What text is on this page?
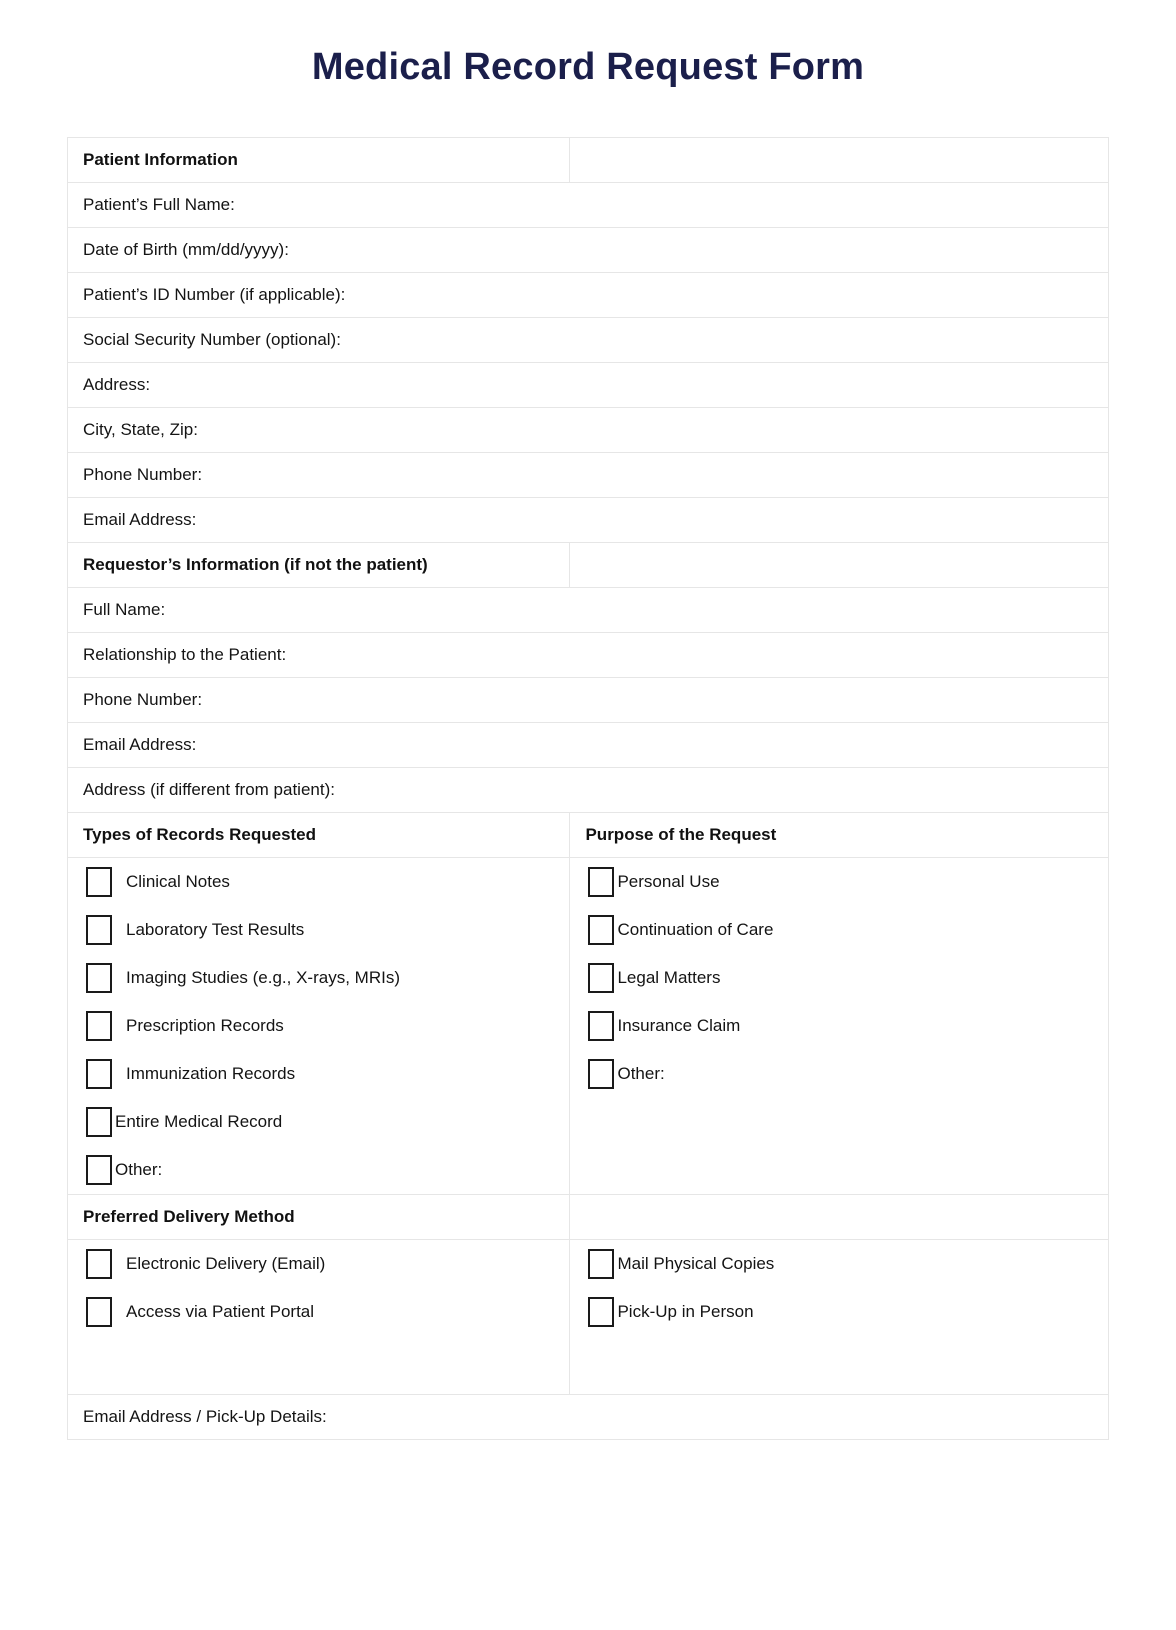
Medical Record Request Form
Patient Information	

Patient’s Full Name:	

Date of Birth (mm/dd/yyyy):	

Patient’s ID Number (if applicable):	

Social Security Number (optional):	

Address:	

City, State, Zip:	

Phone Number:	

Email Address:	

Requestor’s Information (if not the patient)	

Full Name:	

Relationship to the Patient:	

Phone Number:	

Email Address:	

Address (if different from patient):	

Types of Records Requested	Purpose of the Request

Clinical Notes
Laboratory Test Results
Imaging Studies (e.g., X-rays, MRIs)
Prescription Records
Immunization Records
Entire Medical Record
Other:

Personal Use
Continuation of Care
Legal Matters
Insurance Claim
Other:

Preferred Delivery Method	

Electronic Delivery (Email)
Access via Patient Portal

Mail Physical Copies
Pick-Up in Person

Email Address / Pick-Up Details:	
